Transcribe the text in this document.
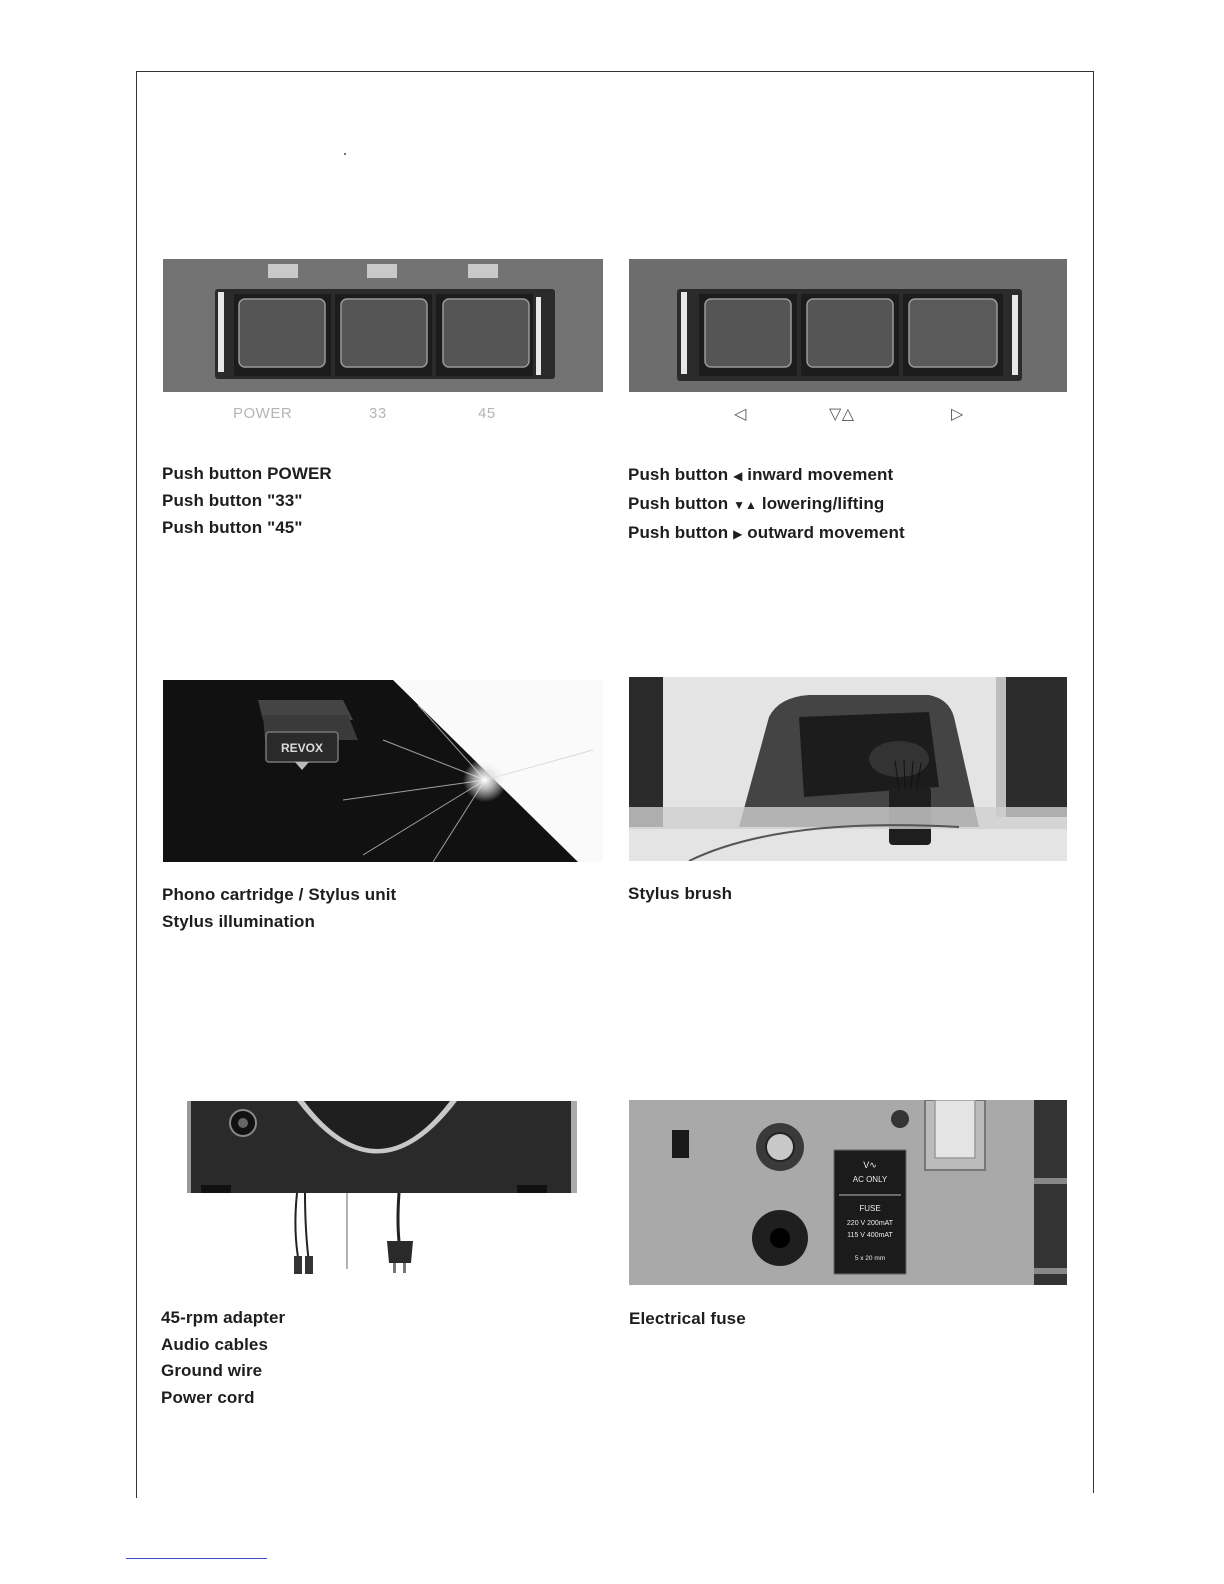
POWER	33	45	◁	▽△	▷
Push button POWER
Push button "33"
Push button "45"
Push button ◀ inward movement
Push button ▼▲ lowering/lifting
Push button ▶ outward movement
REVOX
Phono cartridge / Stylus unit
Stylus illumination
Stylus brush
V∿
AC ONLY
FUSE
220 V 200mAT
115 V 400mAT
5 x 20 mm
45-rpm adapter
Audio cables
Ground wire
Power cord
Electrical fuse
